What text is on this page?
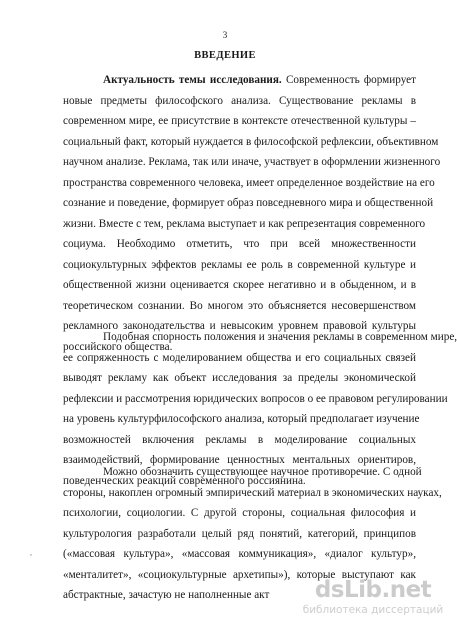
3
ВВЕДЕНИЕ
Актуальность темы исследования. Современность формирует
новые предметы философского анализа. Существование рекламы в
современном мире, ее присутствие в контексте отечественной культуры –
социальный факт, который нуждается в философской рефлексии, объективном
научном анализе. Реклама, так или иначе, участвует в оформлении жизненного
пространства современного человека, имеет определенное воздействие на его
сознание и поведение, формирует образ повседневного мира и общественной
жизни. Вместе с тем, реклама выступает и как репрезентация современного
социума. Необходимо отметить, что при всей множественности
социокультурных эффектов рекламы ее роль в современной культуре и
общественной жизни оценивается скорее негативно и в обыденном, и в
теоретическом сознании. Во многом это объясняется несовершенством
рекламного законодательства и невысоким уровнем правовой культуры
российского общества.
Подобная спорность положения и значения рекламы в современном мире,
ее сопряженность с моделированием общества и его социальных связей
выводят рекламу как объект исследования за пределы экономической
рефлексии и рассмотрения юридических вопросов о ее правовом регулировании
на уровень культурфилософского анализа, который предполагает изучение
возможностей включения рекламы в моделирование социальных
взаимодействий, формирование ценностных ментальных ориентиров,
поведенческих реакций современного россиянина.
Можно обозначить существующее научное противоречие. С одной
стороны, накоплен огромный эмпирический материал в экономических науках,
психологии, социологии. С другой стороны, социальная философия и
культурология разработали целый ряд понятий, категорий, принципов
(«массовая культура», «массовая коммуникация», «диалог культур»,
«менталитет», «социокультурные архетипы»), которые выступают как
абстрактные, зачастую не наполненные акт
,
dsLib.net
библиотека диссертаций
